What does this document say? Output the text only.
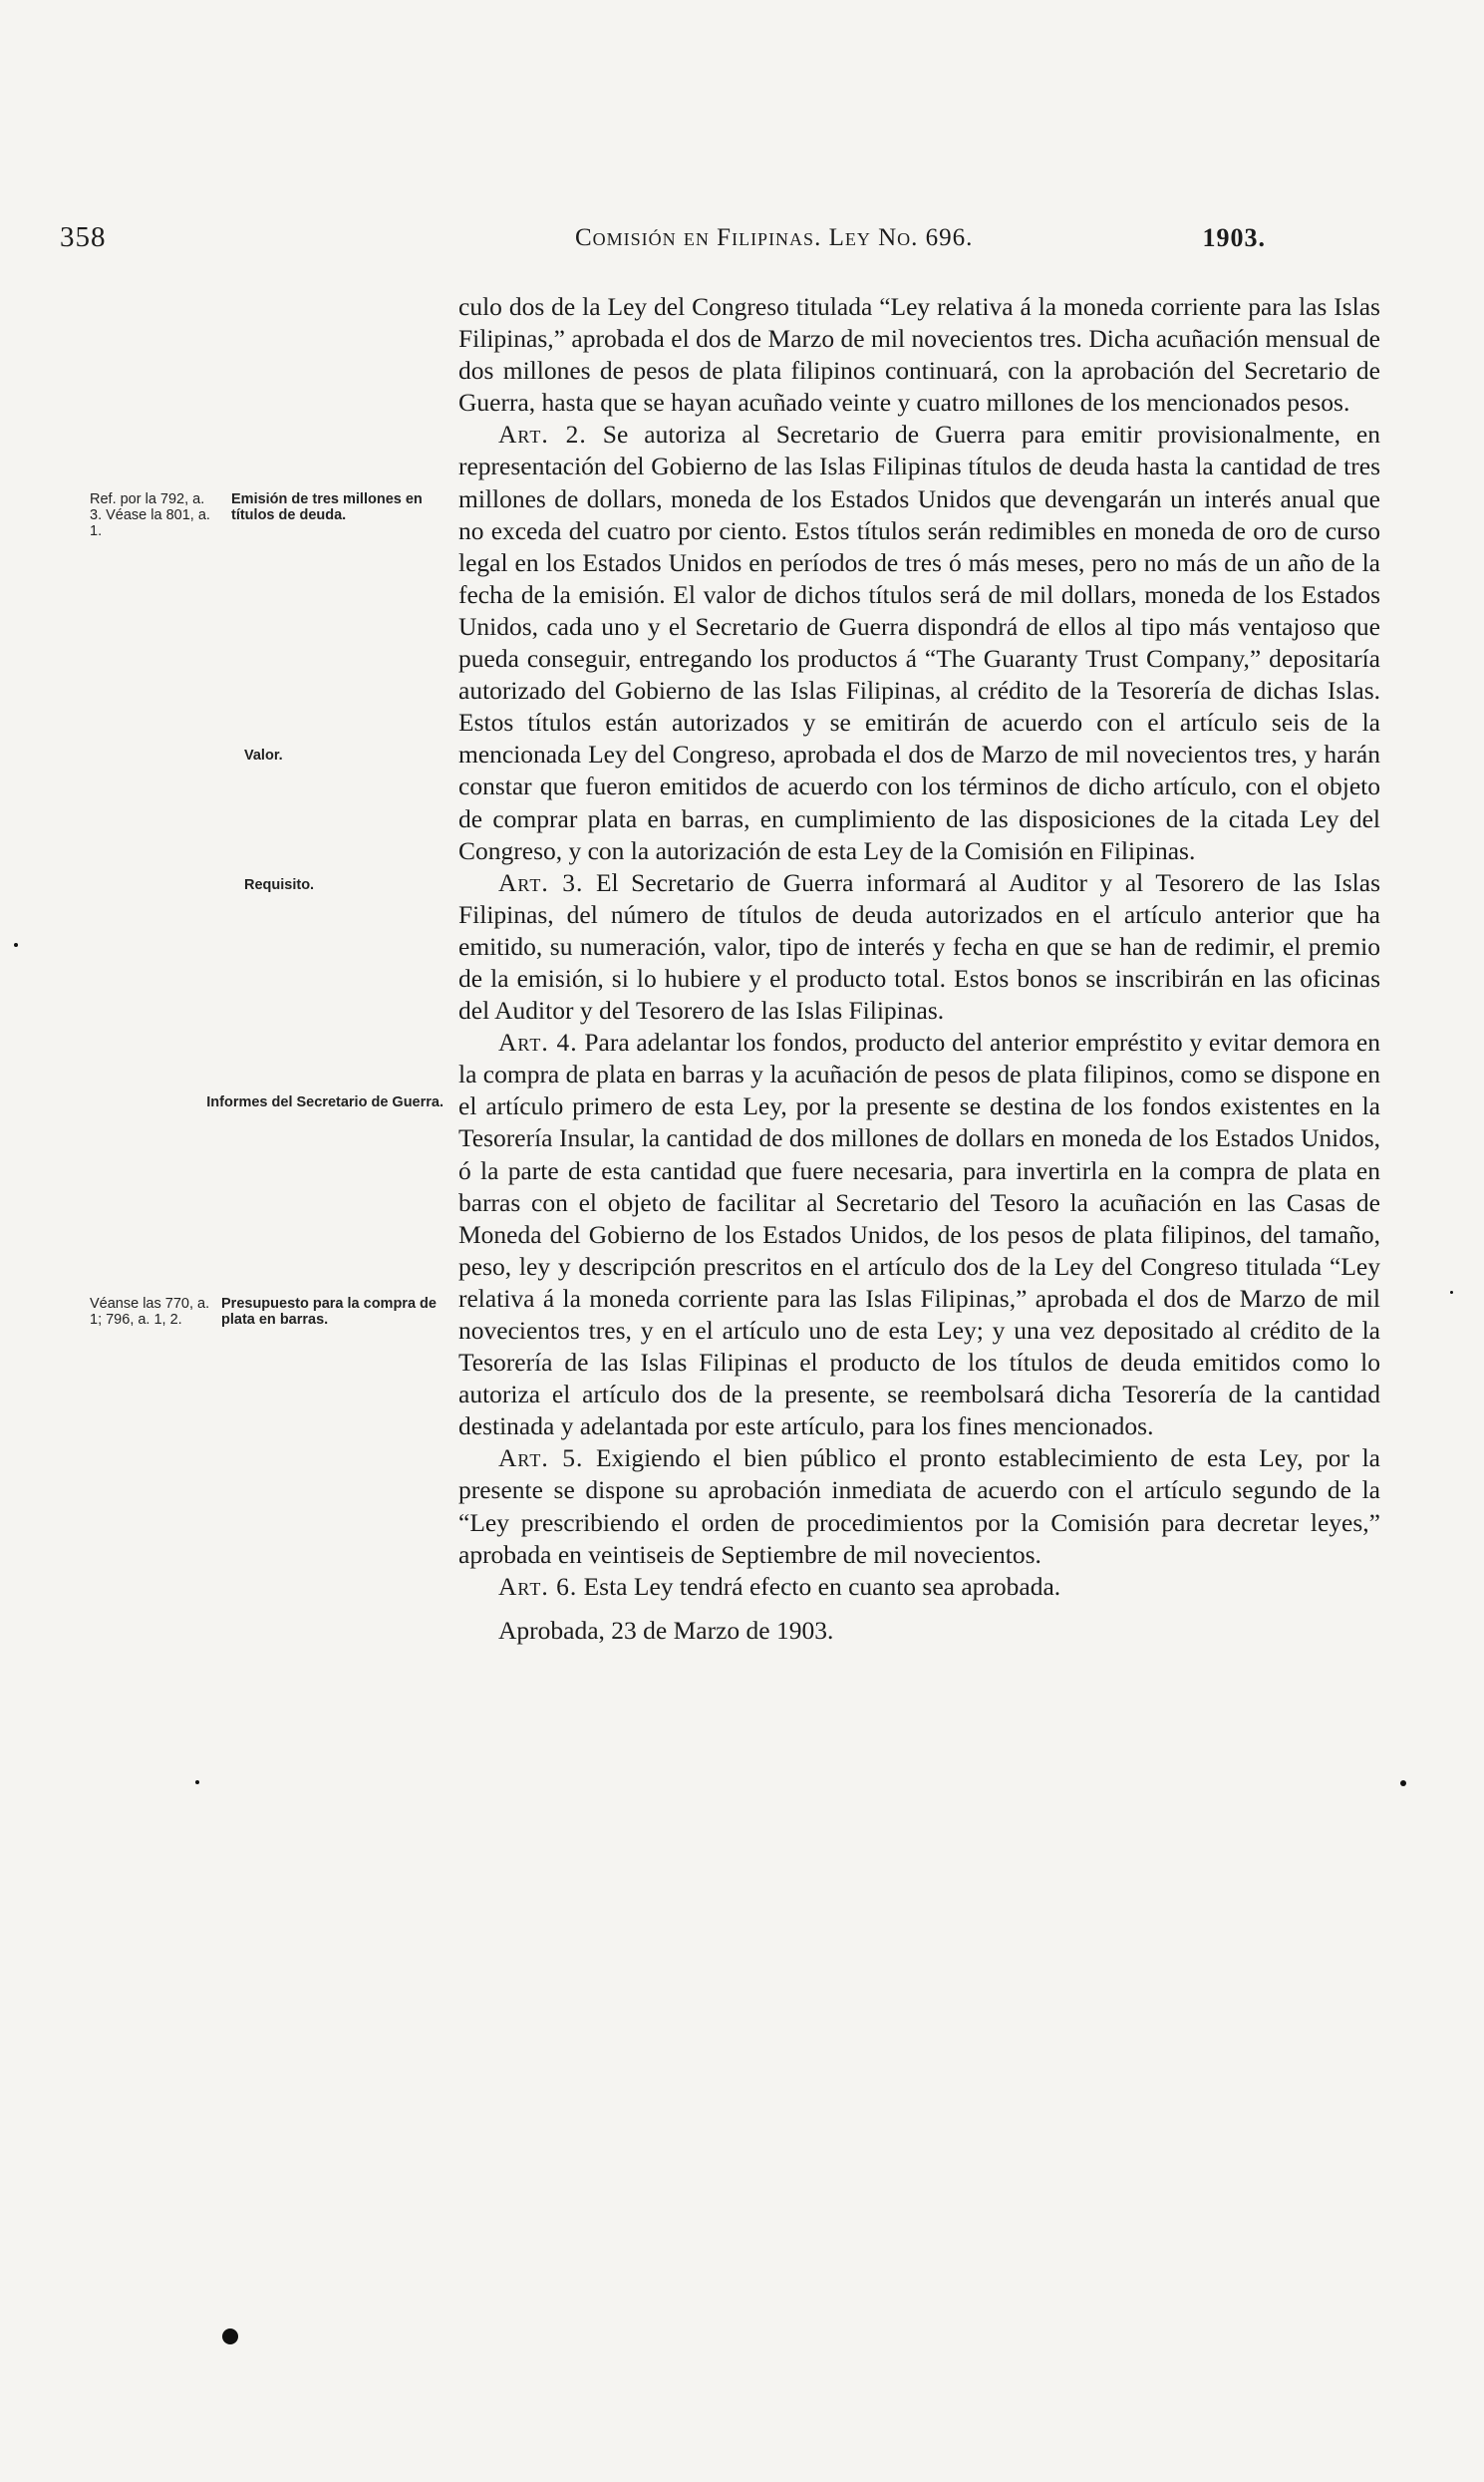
358	Comisión en Filipinas. Ley No. 696.	1903.
Ref. por la 792, a. 3. Véase la 801, a. 1.
Emisión de tres millones en títulos de deuda.
Valor.
Requisito.
Informes del Secretario de Guerra.
Véanse las 770, a. 1; 796, a. 1, 2.
Presupuesto para la compra de plata en barras.

culo dos de la Ley del Congreso titulada “Ley relativa á la moneda corriente para las Islas Filipinas,” aprobada el dos de Marzo de mil novecientos tres. Dicha acuñación mensual de dos millones de pesos de plata filipinos continuará, con la aprobación del Secretario de Guerra, hasta que se hayan acuñado veinte y cuatro millones de los mencionados pesos.

Art. 2. Se autoriza al Secretario de Guerra para emitir provisionalmente, en representación del Gobierno de las Islas Filipinas títulos de deuda hasta la cantidad de tres millones de dollars, moneda de los Estados Unidos que devengarán un interés anual que no exceda del cuatro por ciento. Estos títulos serán redimibles en moneda de oro de curso legal en los Estados Unidos en períodos de tres ó más meses, pero no más de un año de la fecha de la emisión. El valor de dichos títulos será de mil dollars, moneda de los Estados Unidos, cada uno y el Secretario de Guerra dispondrá de ellos al tipo más ventajoso que pueda conseguir, entregando los productos á “The Guaranty Trust Company,” depositaría autorizado del Gobierno de las Islas Filipinas, al crédito de la Tesorería de dichas Islas. Estos títulos están autorizados y se emitirán de acuerdo con el artículo seis de la mencionada Ley del Congreso, aprobada el dos de Marzo de mil novecientos tres, y harán constar que fueron emitidos de acuerdo con los términos de dicho artículo, con el objeto de comprar plata en barras, en cumplimiento de las disposiciones de la citada Ley del Congreso, y con la autorización de esta Ley de la Comisión en Filipinas.

Art. 3. El Secretario de Guerra informará al Auditor y al Tesorero de las Islas Filipinas, del número de títulos de deuda autorizados en el artículo anterior que ha emitido, su numeración, valor, tipo de interés y fecha en que se han de redimir, el premio de la emisión, si lo hubiere y el producto total. Estos bonos se inscribirán en las oficinas del Auditor y del Tesorero de las Islas Filipinas.

Art. 4. Para adelantar los fondos, producto del anterior empréstito y evitar demora en la compra de plata en barras y la acuñación de pesos de plata filipinos, como se dispone en el artículo primero de esta Ley, por la presente se destina de los fondos existentes en la Tesorería Insular, la cantidad de dos millones de dollars en moneda de los Estados Unidos, ó la parte de esta cantidad que fuere necesaria, para invertirla en la compra de plata en barras con el objeto de facilitar al Secretario del Tesoro la acuñación en las Casas de Moneda del Gobierno de los Estados Unidos, de los pesos de plata filipinos, del tamaño, peso, ley y descripción prescritos en el artículo dos de la Ley del Congreso titulada “Ley relativa á la moneda corriente para las Islas Filipinas,” aprobada el dos de Marzo de mil novecientos tres, y en el artículo uno de esta Ley; y una vez depositado al crédito de la Tesorería de las Islas Filipinas el producto de los títulos de deuda emitidos como lo autoriza el artículo dos de la presente, se reembolsará dicha Tesorería de la cantidad destinada y adelantada por este artículo, para los fines mencionados.

Art. 5. Exigiendo el bien público el pronto establecimiento de esta Ley, por la presente se dispone su aprobación inmediata de acuerdo con el artículo segundo de la “Ley prescribiendo el orden de procedimientos por la Comisión para decretar leyes,” aprobada en veintiseis de Septiembre de mil novecientos.

Art. 6. Esta Ley tendrá efecto en cuanto sea aprobada.

Aprobada, 23 de Marzo de 1903.
